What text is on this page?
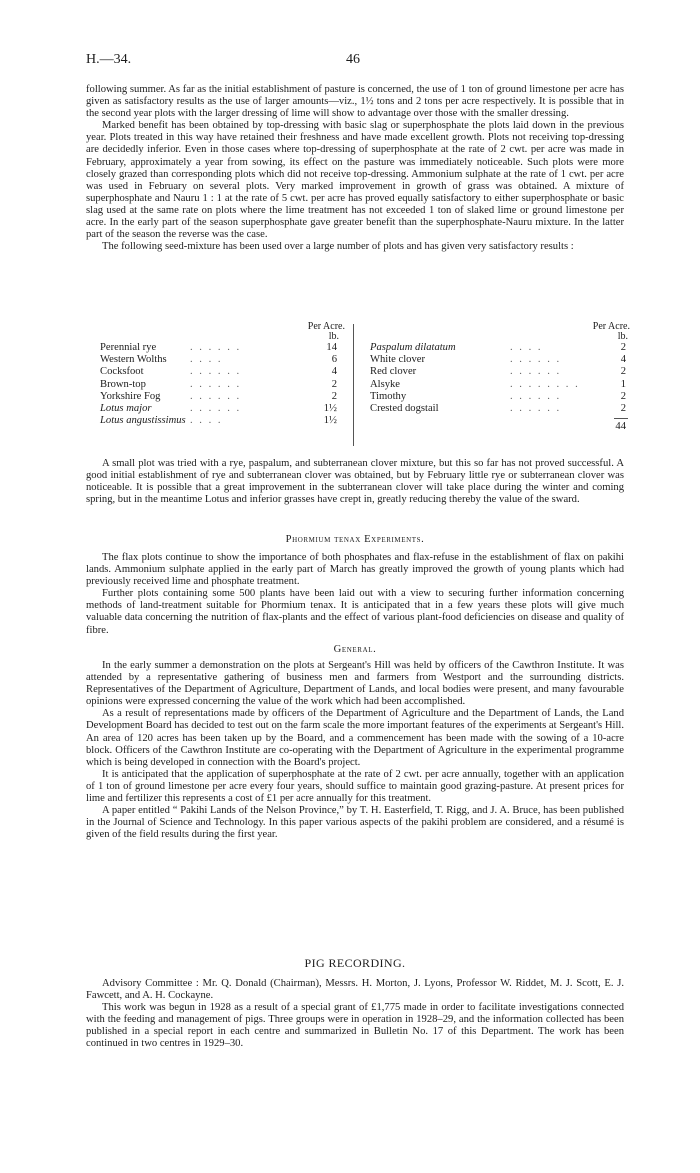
H.—34.	46

following summer. As far as the initial establishment of pasture is concerned, the use of 1 ton of ground limestone per acre has given as satisfactory results as the use of larger amounts—viz., 1½ tons and 2 tons per acre respectively. It is possible that in the second year plots with the larger dressing of lime will show to advantage over those with the smaller dressing.

Marked benefit has been obtained by top-dressing with basic slag or superphosphate the plots laid down in the previous year. Plots treated in this way have retained their freshness and have made excellent growth. Plots not receiving top-dressing are decidedly inferior. Even in those cases where top-dressing of superphosphate at the rate of 2 cwt. per acre was made in February, approximately a year from sowing, its effect on the pasture was immediately noticeable. Such plots were more closely grazed than corresponding plots which did not receive top-dressing. Ammonium sulphate at the rate of 1 cwt. per acre was used in February on several plots. Very marked improvement in growth of grass was obtained. A mixture of superphosphate and Nauru 1 : 1 at the rate of 5 cwt. per acre has proved equally satisfactory to either superphosphate or basic slag used at the same rate on plots where the lime treatment has not exceeded 1 ton of slaked lime or ground limestone per acre. In the early part of the season superphosphate gave greater benefit than the superphosphate-Nauru mixture. In the latter part of the season the reverse was the case.

The following seed-mixture has been used over a large number of plots and has given very satisfactory results :

Per Acre.
lb.
Perennial rye	. . . . . .	14
Western Wolths . . . .	6
Cocksfoot	. . . . . .	4
Brown-top	. . . . . .	2
Yorkshire Fog	. . . . . .	2
Lotus major	. . . . . .	1½
Lotus angustissimus . . . .	1½
Per Acre.
lb.
Paspalum dilatatum	. . . .	2
White clover	. . . . . .	4
Red clover	. . . . . .	2
Alsyke	. . . . . . . .	1
Timothy	. . . . . .	2
Crested dogstail	. . . . . .	2
44

A small plot was tried with a rye, paspalum, and subterranean clover mixture, but this so far has not proved successful. A good initial establishment of rye and subterranean clover was obtained, but by February little rye or subterranean clover was noticeable. It is possible that a great improvement in the subterranean clover will take place during the winter and coming spring, but in the meantime Lotus and inferior grasses have crept in, greatly reducing thereby the value of the sward.

Phormium tenax Experiments.

The flax plots continue to show the importance of both phosphates and flax-refuse in the establishment of flax on pakihi lands. Ammonium sulphate applied in the early part of March has greatly improved the growth of young plants which had previously received lime and phosphate treatment.

Further plots containing some 500 plants have been laid out with a view to securing further information concerning methods of land-treatment suitable for Phormium tenax. It is anticipated that in a few years these plots will give much valuable data concerning the nutrition of flax-plants and the effect of various plant-food deficiencies on disease and quality of fibre.

General.

In the early summer a demonstration on the plots at Sergeant's Hill was held by officers of the Cawthron Institute. It was attended by a representative gathering of business men and farmers from Westport and the surrounding districts. Representatives of the Department of Agriculture, Department of Lands, and local bodies were present, and many favourable opinions were expressed concerning the value of the work which had been accomplished.

As a result of representations made by officers of the Department of Agriculture and the Department of Lands, the Land Development Board has decided to test out on the farm scale the more important features of the experiments at Sergeant's Hill. An area of 120 acres has been taken up by the Board, and a commencement has been made with the sowing of a 10-acre block. Officers of the Cawthron Institute are co-operating with the Department of Agriculture in the experimental programme which is being developed in connection with the Board's project.

It is anticipated that the application of superphosphate at the rate of 2 cwt. per acre annually, together with an application of 1 ton of ground limestone per acre every four years, should suffice to maintain good grazing-pasture. At present prices for lime and fertilizer this represents a cost of £1 per acre annually for this treatment.

A paper entitled “ Pakihi Lands of the Nelson Province,” by T. H. Easterfield, T. Rigg, and J. A. Bruce, has been published in the Journal of Science and Technology. In this paper various aspects of the pakihi problem are considered, and a résumé is given of the field results during the first year.

PIG RECORDING.

Advisory Committee : Mr. Q. Donald (Chairman), Messrs. H. Morton, J. Lyons, Professor W. Riddet, M. J. Scott, E. J. Fawcett, and A. H. Cockayne.

This work was begun in 1928 as a result of a special grant of £1,775 made in order to facilitate investigations connected with the feeding and management of pigs. Three groups were in operation in 1928–29, and the information collected has been published in a special report in each centre and summarized in Bulletin No. 17 of this Department. The work has been continued in two centres in 1929–30.
